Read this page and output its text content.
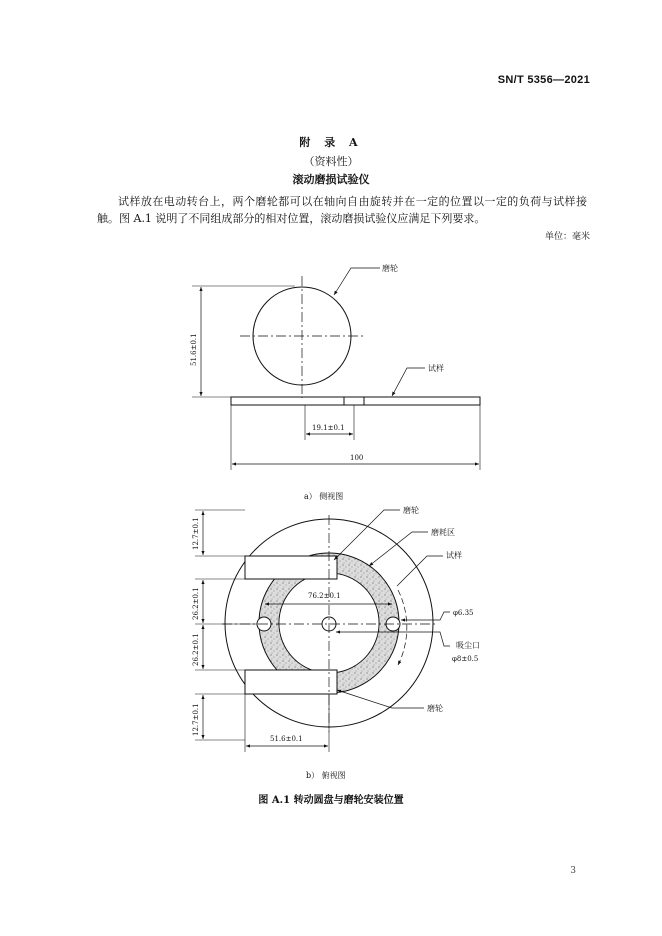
SN/T 5356—2021
附 录 A
（资料性）
滚动磨损试验仪
试样放在电动转台上，两个磨轮都可以在轴向自由旋转并在一定的位置以一定的负荷与试样接触。图 A.1 说明了不同组成部分的相对位置，滚动磨损试验仪应满足下列要求。
单位：毫米
磨轮
试样
51.6±0.1
19.1±0.1
100
a） 侧视图
磨轮
磨耗区
试样
φ6.35
吸尘口
φ8±0.5
磨轮
76.2±0.1
12.7±0.1
26.2±0.1
26.2±0.1
12.7±0.1
51.6±0.1
b） 俯视图
图 A.1 转动圆盘与磨轮安装位置
3
